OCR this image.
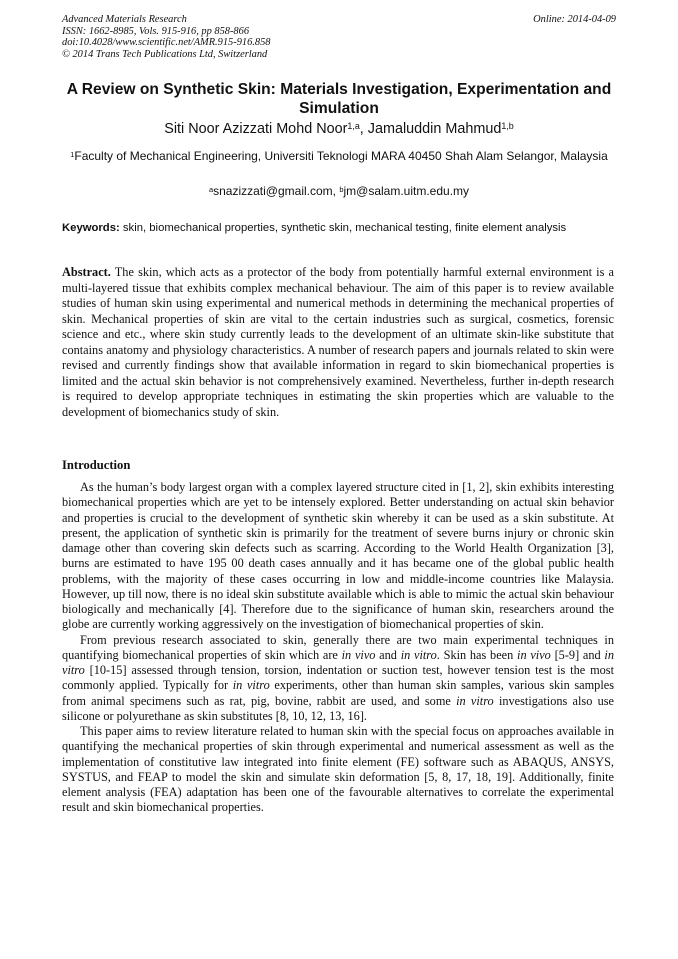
Advanced Materials Research
ISSN: 1662-8985, Vols. 915-916, pp 858-866
doi:10.4028/www.scientific.net/AMR.915-916.858
© 2014 Trans Tech Publications Ltd, Switzerland
Online: 2014-04-09
A Review on Synthetic Skin: Materials Investigation, Experimentation and Simulation
Siti Noor Azizzati Mohd Noor$^{1,a}$, Jamaluddin Mahmud$^{1,b}$
$^1$Faculty of Mechanical Engineering, Universiti Teknologi MARA 40450 Shah Alam Selangor, Malaysia
$^a$snazizzati@gmail.com, $^b$jm@salam.uitm.edu.my
Keywords: skin, biomechanical properties, synthetic skin, mechanical testing, finite element analysis
Abstract. The skin, which acts as a protector of the body from potentially harmful external environment is a multi-layered tissue that exhibits complex mechanical behaviour. The aim of this paper is to review available studies of human skin using experimental and numerical methods in determining the mechanical properties of skin. Mechanical properties of skin are vital to the certain industries such as surgical, cosmetics, forensic science and etc., where skin study currently leads to the development of an ultimate skin-like substitute that contains anatomy and physiology characteristics. A number of research papers and journals related to skin were revised and currently findings show that available information in regard to skin biomechanical properties is limited and the actual skin behavior is not comprehensively examined. Nevertheless, further in-depth research is required to develop appropriate techniques in estimating the skin properties which are valuable to the development of biomechanics study of skin.
Introduction

As the human’s body largest organ with a complex layered structure cited in [1, 2], skin exhibits interesting biomechanical properties which are yet to be intensely explored. Better understanding on actual skin behavior and properties is crucial to the development of synthetic skin whereby it can be used as a skin substitute. At present, the application of synthetic skin is primarily for the treatment of severe burns injury or chronic skin damage other than covering skin defects such as scarring. According to the World Health Organization [3], burns are estimated to have 195 00 death cases annually and it has became one of the global public health problems, with the majority of these cases occurring in low and middle-income countries like Malaysia. However, up till now, there is no ideal skin substitute available which is able to mimic the actual skin behaviour biologically and mechanically [4]. Therefore due to the significance of human skin, researchers around the globe are currently working aggressively on the investigation of biomechanical properties of skin.

From previous research associated to skin, generally there are two main experimental techniques in quantifying biomechanical properties of skin which are in vivo and in vitro. Skin has been in vivo [5-9] and in vitro [10-15] assessed through tension, torsion, indentation or suction test, however tension test is the most commonly applied. Typically for in vitro experiments, other than human skin samples, various skin samples from animal specimens such as rat, pig, bovine, rabbit are used, and some in vitro investigations also use silicone or polyurethane as skin substitutes [8, 10, 12, 13, 16].

This paper aims to review literature related to human skin with the special focus on approaches available in quantifying the mechanical properties of skin through experimental and numerical assessment as well as the implementation of constitutive law integrated into finite element (FE) software such as ABAQUS, ANSYS, SYSTUS, and FEAP to model the skin and simulate skin deformation [5, 8, 17, 18, 19]. Additionally, finite element analysis (FEA) adaptation has been one of the favourable alternatives to correlate the experimental result and skin biomechanical properties.
